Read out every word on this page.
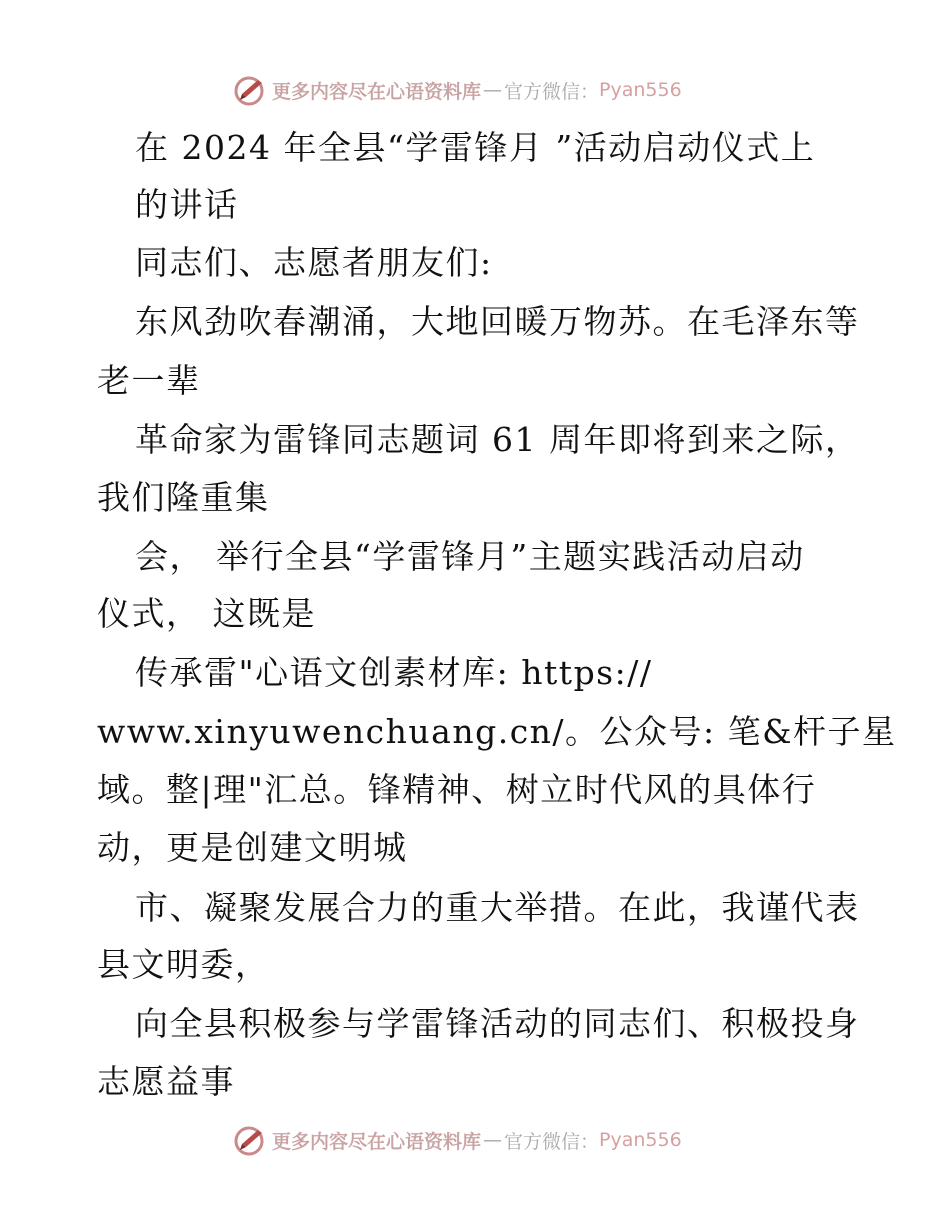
更多内容尽在心语资料库 — 官方微信： Pyan556
在 2024 年全县“学雷锋月 ”活动启动仪式上
的讲话
同志们、志愿者朋友们:
东风劲吹春潮涌，大地回暖万物苏。在毛泽东等
老一辈
革命家为雷锋同志题词 61 周年即将到来之际，
我们隆重集
会， 举行全县“学雷锋月”主题实践活动启动
仪式， 这既是
传承雷"心语文创素材库: https://
www.xinyuwenchuang.cn/。公众号: 笔&杆子星
域。整|理"汇总。锋精神、树立时代风的具体行
动，更是创建文明城
市、凝聚发展合力的重大举措。在此，我谨代表
县文明委，
向全县积极参与学雷锋活动的同志们、积极投身
志愿益事
更多内容尽在心语资料库 — 官方微信： Pyan556
